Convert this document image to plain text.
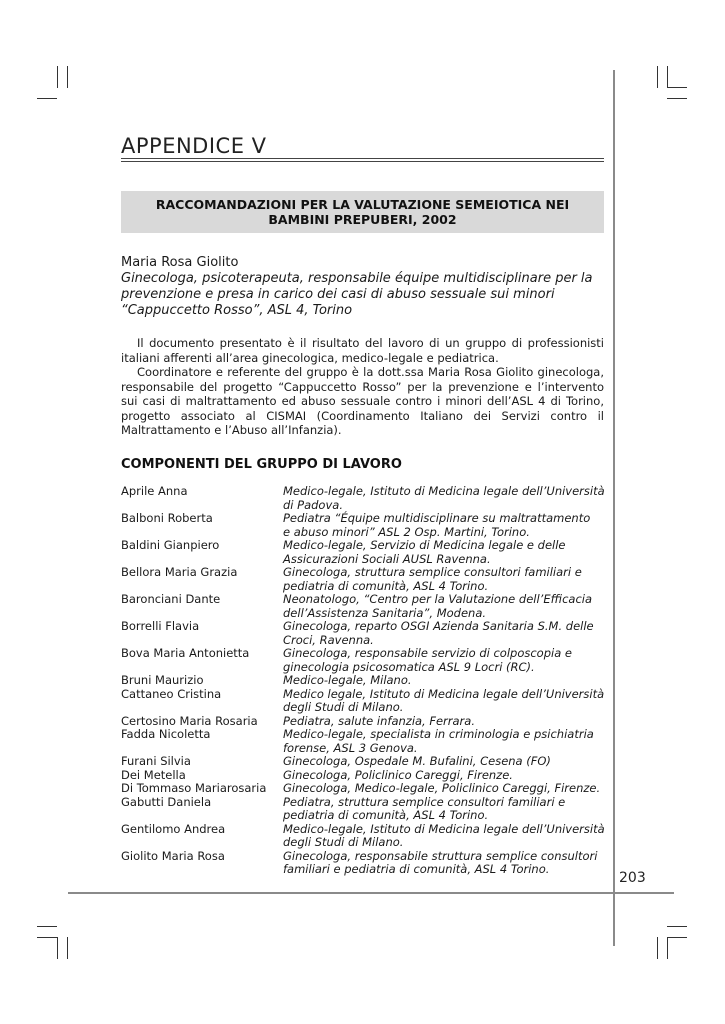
APPENDICE V
RACCOMANDAZIONI PER LA VALUTAZIONE SEMEIOTICA NEI
BAMBINI PREPUBERI, 2002
Maria Rosa Giolito
Ginecologa, psicoterapeuta, responsabile équipe multidisciplinare per la
prevenzione e presa in carico dei casi di abuso sessuale sui minori
“Cappuccetto Rosso”, ASL 4, Torino

Il documento presentato è il risultato del lavoro di un gruppo di professionisti italiani afferenti all’area ginecologica, medico-legale e pediatrica.

Coordinatore e referente del gruppo è la dott.ssa Maria Rosa Giolito ginecologa, responsabile del progetto “Cappuccetto Rosso” per la prevenzione e l’intervento sui casi di maltrattamento ed abuso sessuale contro i minori dell’ASL 4 di Torino, progetto associato al CISMAI (Coordinamento Italiano dei Servizi contro il Maltrattamento e l’Abuso all’Infanzia).

COMPONENTI DEL GRUPPO DI LAVORO
Aprile Anna	Medico-legale, Istituto di Medicina legale dell’Università
di Padova.
Balboni Roberta	Pediatra “Équipe multidisciplinare su maltrattamento
e abuso minori” ASL 2 Osp. Martini, Torino.
Baldini Gianpiero	Medico-legale, Servizio di Medicina legale e delle
Assicurazioni Sociali AUSL Ravenna.
Bellora Maria Grazia	Ginecologa, struttura semplice consultori familiari e
pediatria di comunità, ASL 4 Torino.
Baronciani Dante	Neonatologo, “Centro per la Valutazione dell’Efficacia
dell’Assistenza Sanitaria”, Modena.
Borrelli Flavia	Ginecologa, reparto OSGI Azienda Sanitaria S.M. delle
Croci, Ravenna.
Bova Maria Antonietta	Ginecologa, responsabile servizio di colposcopia e
ginecologia psicosomatica ASL 9 Locri (RC).
Bruni Maurizio	Medico-legale, Milano.
Cattaneo Cristina	Medico legale, Istituto di Medicina legale dell’Università
degli Studi di Milano.
Certosino Maria Rosaria	Pediatra, salute infanzia, Ferrara.
Fadda Nicoletta	Medico-legale, specialista in criminologia e psichiatria
forense, ASL 3 Genova.
Furani Silvia	Ginecologa, Ospedale M. Bufalini, Cesena (FO)
Dei Metella	Ginecologa, Policlinico Careggi, Firenze.
Di Tommaso Mariarosaria	Ginecologa, Medico-legale, Policlinico Careggi, Firenze.
Gabutti Daniela	Pediatra, struttura semplice consultori familiari e
pediatria di comunità, ASL 4 Torino.
Gentilomo Andrea	Medico-legale, Istituto di Medicina legale dell’Università
degli Studi di Milano.
Giolito Maria Rosa	Ginecologa, responsabile struttura semplice consultori
familiari e pediatria di comunità, ASL 4 Torino.
203
